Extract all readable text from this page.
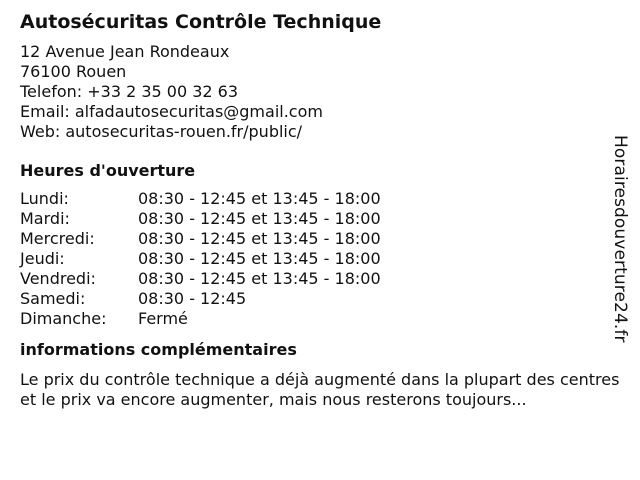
Autosécuritas Contrôle Technique
12 Avenue Jean Rondeaux
76100 Rouen
Telefon: +33 2 35 00 32 63
Email: alfadautosecuritas@gmail.com
Web: autosecuritas-rouen.fr/public/
Heures d'ouverture
Lundi:	08:30 - 12:45 et 13:45 - 18:00
Mardi:	08:30 - 12:45 et 13:45 - 18:00
Mercredi:	08:30 - 12:45 et 13:45 - 18:00
Jeudi:	08:30 - 12:45 et 13:45 - 18:00
Vendredi:	08:30 - 12:45 et 13:45 - 18:00
Samedi:	08:30 - 12:45
Dimanche: Fermé
informations complémentaires
Le prix du contrôle technique a déjà augmenté dans la plupart des centres et le prix va encore augmenter, mais nous resterons toujours...
Horairesdouverture24.fr
